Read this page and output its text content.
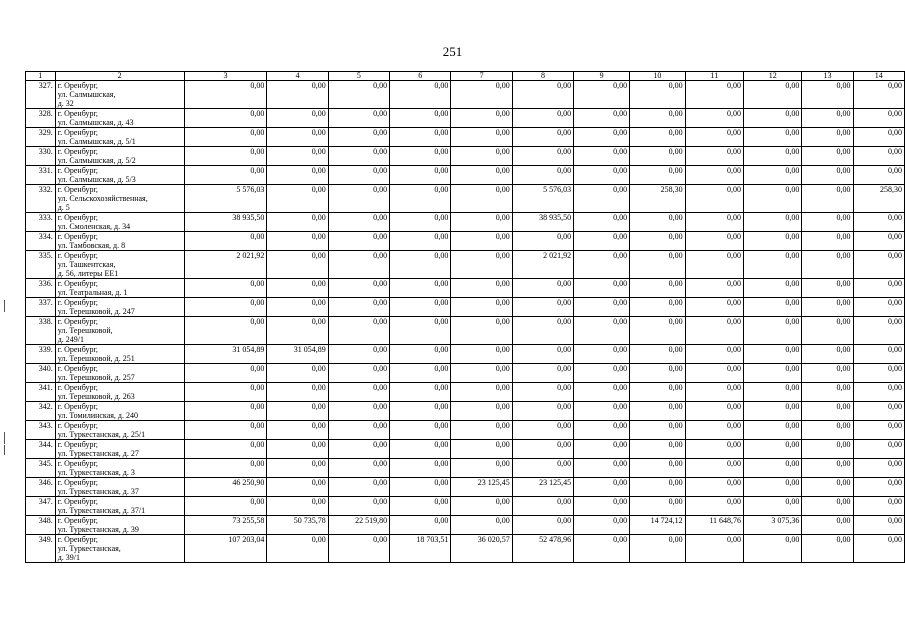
251
1	2	3	4	5	6	7	8	9	10	11	12	13	14
327.	г. Оренбург,
ул. Салмышская,
д. 32	0,00	0,00	0,00	0,00	0,00	0,00	0,00	0,00	0,00	0,00	0,00	0,00
328.	г. Оренбург,
ул. Салмышская, д. 43	0,00	0,00	0,00	0,00	0,00	0,00	0,00	0,00	0,00	0,00	0,00	0,00
329.	г. Оренбург,
ул. Салмышская, д. 5/1	0,00	0,00	0,00	0,00	0,00	0,00	0,00	0,00	0,00	0,00	0,00	0,00
330.	г. Оренбург,
ул. Салмышская, д. 5/2	0,00	0,00	0,00	0,00	0,00	0,00	0,00	0,00	0,00	0,00	0,00	0,00
331.	г. Оренбург,
ул. Салмышская, д. 5/3	0,00	0,00	0,00	0,00	0,00	0,00	0,00	0,00	0,00	0,00	0,00	0,00
332.	г. Оренбург,
ул. Сельскохозяйственная,
д. 5	5 576,03	0,00	0,00	0,00	0,00	5 576,03	0,00	258,30	0,00	0,00	0,00	258,30
333.	г. Оренбург,
ул. Смоленская, д. 34	38 935,50	0,00	0,00	0,00	0,00	38 935,50	0,00	0,00	0,00	0,00	0,00	0,00
334.	г. Оренбург,
ул. Тамбовская, д. 8	0,00	0,00	0,00	0,00	0,00	0,00	0,00	0,00	0,00	0,00	0,00	0,00
335.	г. Оренбург,
ул. Ташкентская,
д. 56, литеры ЕЕ1	2 021,92	0,00	0,00	0,00	0,00	2 021,92	0,00	0,00	0,00	0,00	0,00	0,00
336.	г. Оренбург,
ул. Театральная, д. 1	0,00	0,00	0,00	0,00	0,00	0,00	0,00	0,00	0,00	0,00	0,00	0,00
337.	г. Оренбург,
ул. Терешковой, д. 247	0,00	0,00	0,00	0,00	0,00	0,00	0,00	0,00	0,00	0,00	0,00	0,00
338.	г. Оренбург,
ул. Терешковой,
д. 249/1	0,00	0,00	0,00	0,00	0,00	0,00	0,00	0,00	0,00	0,00	0,00	0,00
339.	г. Оренбург,
ул. Терешковой, д. 251	31 054,89	31 054,89	0,00	0,00	0,00	0,00	0,00	0,00	0,00	0,00	0,00	0,00
340.	г. Оренбург,
ул. Терешковой, д. 257	0,00	0,00	0,00	0,00	0,00	0,00	0,00	0,00	0,00	0,00	0,00	0,00
341.	г. Оренбург,
ул. Терешковой, д. 263	0,00	0,00	0,00	0,00	0,00	0,00	0,00	0,00	0,00	0,00	0,00	0,00
342.	г. Оренбург,
ул. Томилинская, д. 240	0,00	0,00	0,00	0,00	0,00	0,00	0,00	0,00	0,00	0,00	0,00	0,00
343.	г. Оренбург,
ул. Туркестанская, д. 25/1	0,00	0,00	0,00	0,00	0,00	0,00	0,00	0,00	0,00	0,00	0,00	0,00
344.	г. Оренбург,
ул. Туркестанская, д. 27	0,00	0,00	0,00	0,00	0,00	0,00	0,00	0,00	0,00	0,00	0,00	0,00
345.	г. Оренбург,
ул. Туркестанская, д. 3	0,00	0,00	0,00	0,00	0,00	0,00	0,00	0,00	0,00	0,00	0,00	0,00
346.	г. Оренбург,
ул. Туркестанская, д. 37	46 250,90	0,00	0,00	0,00	23 125,45	23 125,45	0,00	0,00	0,00	0,00	0,00	0,00
347.	г. Оренбург,
ул. Туркестанская, д. 37/1	0,00	0,00	0,00	0,00	0,00	0,00	0,00	0,00	0,00	0,00	0,00	0,00
348.	г. Оренбург,
ул. Туркестанская, д. 39	73 255,58	50 735,78	22 519,80	0,00	0,00	0,00	0,00	14 724,12	11 648,76	3 075,36	0,00	0,00
349.	г. Оренбург,
ул. Туркестанская,
д. 39/1	107 203,04	0,00	0,00	18 703,51	36 020,57	52 478,96	0,00	0,00	0,00	0,00	0,00	0,00
